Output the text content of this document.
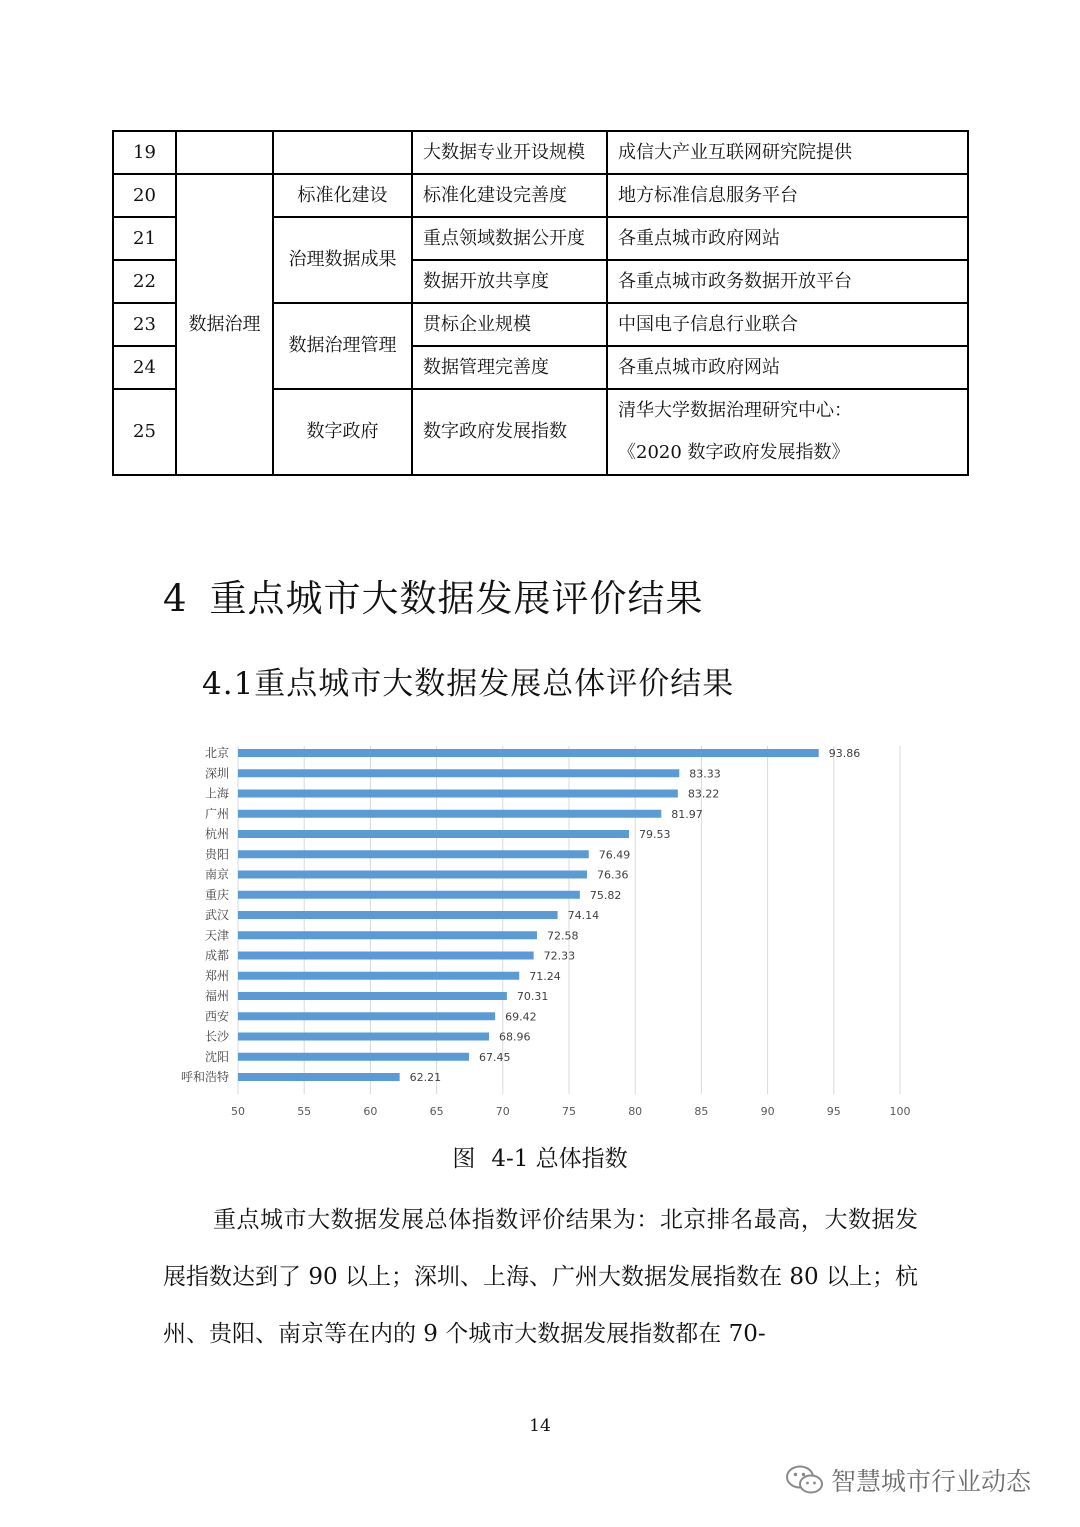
19			大数据专业开设规模	成信大产业互联网研究院提供
20	数据治理	标准化建设	标准化建设完善度	地方标准信息服务平台
21		治理数据成果	重点领域数据公开度	各重点城市政府网站
22			数据开放共享度	各重点城市政务数据开放平台
23		数据治理管理	贯标企业规模	中国电子信息行业联合
24			数据管理完善度	各重点城市政府网站
25		数字政府	数字政府发展指数	清华大学数据治理研究中心：
《2020 数字政府发展指数》
4 重点城市大数据发展评价结果
4.1重点城市大数据发展总体评价结果
50	55	60	65	70	75	80	85	90	95	100
北京	93.86
深圳	83.33
上海	83.22
广州	81.97
杭州	79.53
贵阳	76.49
南京	76.36
重庆	75.82
武汉	74.14
天津	72.58
成都	72.33
郑州	71.24
福州	70.31
西安	69.42
长沙	68.96
沈阳	67.45
呼和浩特	62.21
图 4-1 总体指数
重点城市大数据发展总体指数评价结果为：北京排名最高，大数据发展指数达到了 90 以上；深圳、上海、广州大数据发展指数在 80 以上；杭州、贵阳、南京等在内的 9 个城市大数据发展指数都在 70-
14
智慧城市行业动态
